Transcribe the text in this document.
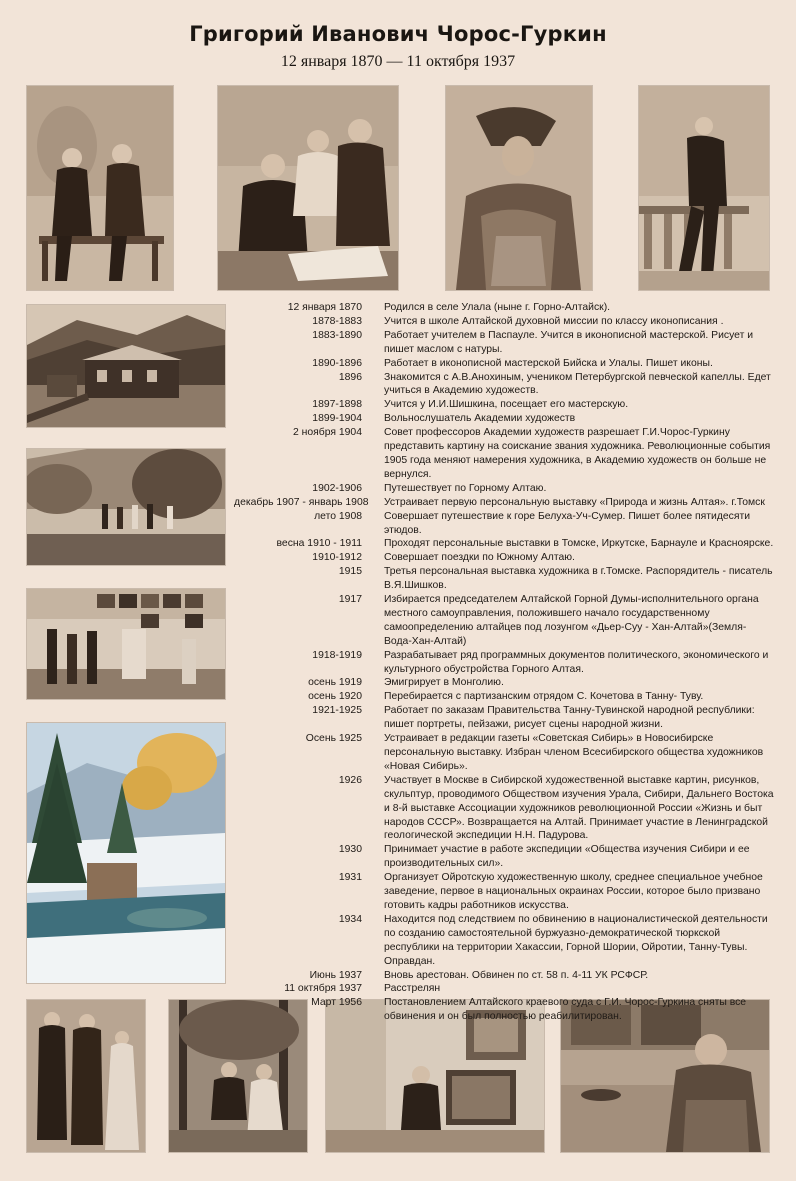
Григорий Иванович Чорос-Гуркин
12 января 1870 — 11 октября 1937
12 января 1870	Родился в селе Улала (ныне г. Горно-Алтайск).
1878-1883	Учится в школе Алтайской духовной миссии по классу иконописания .
1883-1890	Работает учителем в Паспауле. Учится в иконописной мастерской. Рисует и пишет маслом с натуры.
1890-1896	Работает в иконописной мастерской Бийска и Улалы. Пишет иконы.
1896	Знакомится с А.В.Анохиным, учеником Петербургской певческой капеллы. Едет учиться в Академию художеств.
1897-1898	Учится у И.И.Шишкина, посещает его мастерскую.
1899-1904	Вольнослушатель Академии художеств
2 ноября 1904	Совет профессоров Академии художеств разрешает Г.И.Чорос-Гуркину представить картину на соискание звания художника. Революционные события 1905 года меняют намерения художника, в Академию художеств он больше не вернулся.
1902-1906	Путешествует по Горному Алтаю.
декабрь 1907 - январь 1908	Устраивает первую персональную выставку «Природа и жизнь Алтая». г.Томск
лето 1908	Совершает путешествие к горе Белуха-Уч-Сумер. Пишет более пятидесяти этюдов.
весна 1910 - 1911	Проходят персональные выставки в Томске, Иркутске, Барнауле и Красноярске.
1910-1912	Совершает поездки по Южному Алтаю.
1915	Третья персональная выставка художника в г.Томске. Распорядитель - писатель В.Я.Шишков.
1917	Избирается председателем Алтайской Горной Думы-исполнительного органа местного самоуправления, положившего начало государственному самоопределению алтайцев под лозунгом «Дьер-Суу - Хан-Алтай»(Земля-Вода-Хан-Алтай)
1918-1919	Разрабатывает ряд программных документов политического, экономического и культурного обустройства Горного Алтая.
осень 1919	Эмигрирует в Монголию.
осень 1920	Перебирается с партизанским отрядом С. Кочетова в Танну- Туву.
1921-1925	Работает по заказам Правительства Танну-Тувинской народной республики: пишет портреты, пейзажи, рисует сцены народной жизни.
Осень 1925	Устраивает в редакции газеты «Советская Сибирь» в Новосибирске персональную выставку. Избран членом Всесибирского общества художников «Новая Сибирь».
1926	Участвует в Москве в Сибирской художественной выставке картин, рисунков, скульптур, проводимого Обществом изучения Урала, Сибири, Дальнего Востока и 8-й выставке Ассоциации художников революционной России «Жизнь и быт народов СССР». Возвращается на Алтай. Принимает участие в Ленинградской геологической экспедиции Н.Н. Падурова.
1930	Принимает участие в работе экспедиции «Общества изучения Сибири и ее производительных сил».
1931	Организует Ойротскую художественную школу, среднее специальное учебное заведение, первое в национальных окраинах России, которое было призвано готовить кадры работников искусства.
1934	Находится под следствием по обвинению в националистической деятельности по созданию самостоятельной буржуазно-демократической тюркской республики на территории Хакассии, Горной Шории, Ойротии, Танну-Тувы. Оправдан.
Июнь 1937	Вновь арестован. Обвинен по ст. 58 п. 4-11 УК РСФСР.
11 октября 1937	Расстрелян
Март 1956	Постановлением Алтайского краевого суда с Г.И. Чорос-Гуркина сняты все обвинения и он был полностью реабилитирован.
